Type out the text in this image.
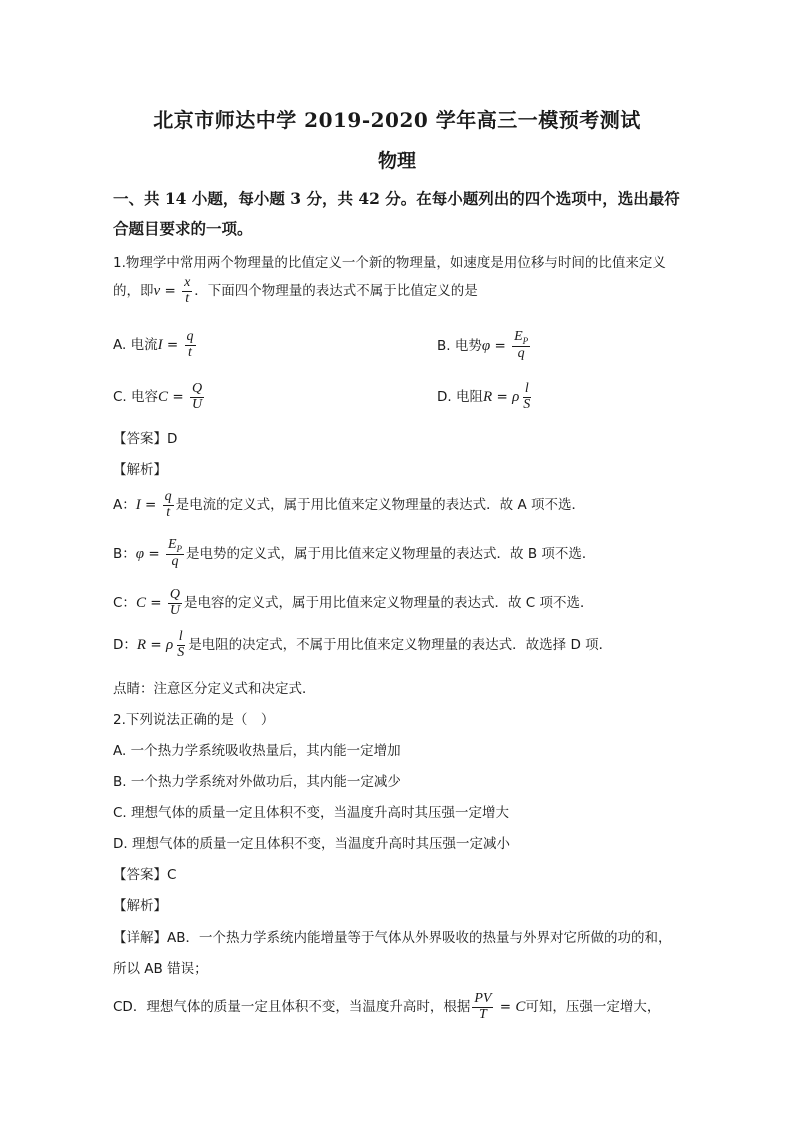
北京市师达中学 2019-2020 学年高三一模预考测试
物理
一、共 14 小题，每小题 3 分，共 42 分。在每小题列出的四个选项中，选出最符
合题目要求的一项。
1.物理学中常用两个物理量的比值定义一个新的物理量，如速度是用位移与时间的比值来定义
的，即$v = \frac{x}{t}$ ．下面四个物理量的表达式不属于比值定义的是
A. 电流$I = \frac{q}{t}$	B. 电势$\varphi = \frac{E_P}{q}$
C. 电容$C = \frac{Q}{U}$	D. 电阻R = ρ $\frac{l}{S}$
【答案】D
【解析】
A：$I = \frac{q}{t}$ 是电流的定义式，属于用比值来定义物理量的表达式．故 A 项不选．
B：$\varphi = \frac{E_P}{q}$ 是电势的定义式，属于用比值来定义物理量的表达式．故 B 项不选．
C：$C = \frac{Q}{U}$ 是电容的定义式，属于用比值来定义物理量的表达式．故 C 项不选．
D：R = ρ $\frac{l}{S}$ 是电阻的决定式，不属于用比值来定义物理量的表达式．故选择 D 项．
点睛：注意区分定义式和决定式．
2.下列说法正确的是（　）
A. 一个热力学系统吸收热量后，其内能一定增加
B. 一个热力学系统对外做功后，其内能一定减少
C. 理想气体的质量一定且体积不变，当温度升高时其压强一定增大
D. 理想气体的质量一定且体积不变，当温度升高时其压强一定减小
【答案】C
【解析】
【详解】AB．一个热力学系统内能增量等于气体从外界吸收的热量与外界对它所做的功的和，
所以 AB 错误；
CD．理想气体的质量一定且体积不变，当温度升高时，根据 $\frac{PV}{T} = C$可知，压强一定增大，
